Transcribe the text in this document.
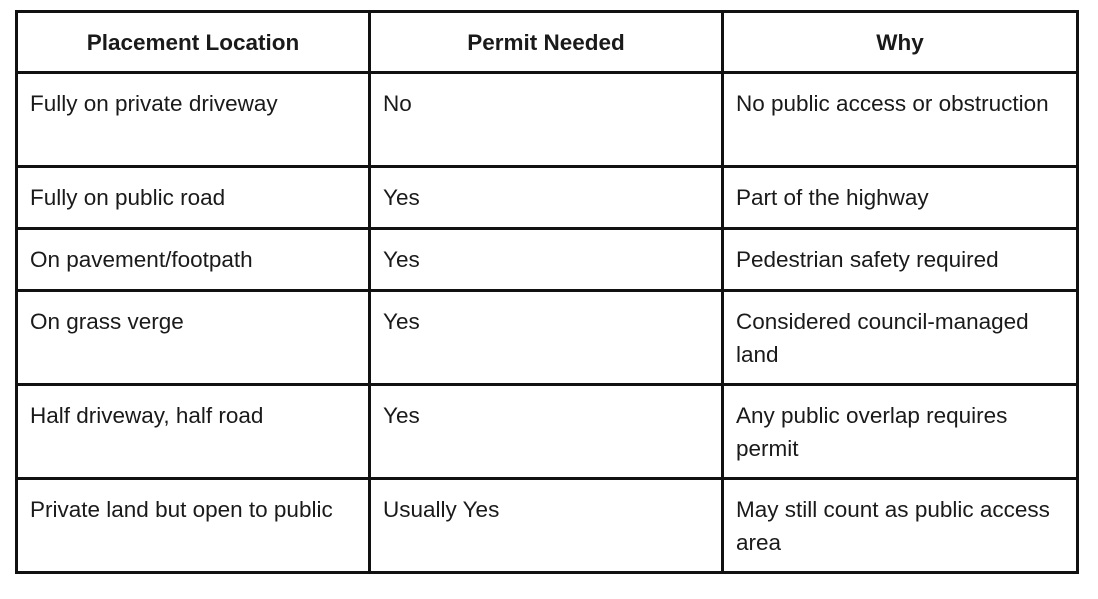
Placement Location	Permit Needed	Why
Fully on private driveway	No	No public access or obstruction
Fully on public road	Yes	Part of the highway
On pavement/footpath	Yes	Pedestrian safety required
On grass verge	Yes	Considered council-managed land
Half driveway, half road	Yes	Any public overlap requires permit
Private land but open to public	Usually Yes	May still count as public access area
